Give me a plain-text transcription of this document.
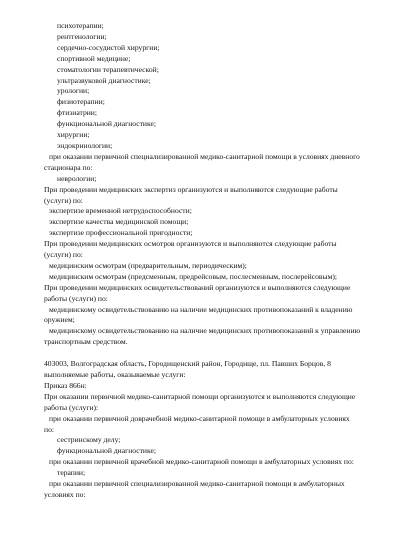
психотерапии;
рентгенологии;
сердечно-сосудистой хирургии;
спортивной медицине;
стоматологии терапевтической;
ультразвуковой диагностике;
урологии;
физиотерапии;
фтизиатрии;
функциональной диагностике;
хирургии;
эндокринологии;
при оказании первичной специализированной медико-санитарной помощи в условиях дневного
стационара по:
неврологии;
При проведении медицинских экспертиз организуются и выполняются следующие работы
(услуги) по:
экспертизе временной нетрудоспособности;
экспертизе качества медицинской помощи;
экспертизе профессиональной пригодности;
При проведении медицинских осмотров организуются и выполняются следующие работы
(услуги) по:
медицинским осмотрам (предварительным, периодическим);
медицинским осмотрам (предсменным, предрейсовым, послесменным, послерейсовым);
При проведении медицинских освидетельствований организуются и выполняются следующие
работы (услуги) по:
медицинскому освидетельствованию на наличие медицинских противопоказаний к владению
оружием;
медицинскому освидетельствованию на наличие медицинских противопоказаний к управлению
транспортным средством.
403003, Волгоградская область, Городищенский район, Городище, пл. Павших Борцов, 8
выполняемые работы, оказываемые услуги:
Приказ 866н:
При оказании первичной медико-санитарной помощи организуются и выполняются следующие
работы (услуги):
при оказании первичной доврачебной медико-санитарной помощи в амбулаторных условиях
по:
сестринскому делу;
функциональной диагностике;
при оказании первичной врачебной медико-санитарной помощи в амбулаторных условиях по:
терапии;
при оказании первичной специализированной медико-санитарной помощи в амбулаторных
условиях по:
